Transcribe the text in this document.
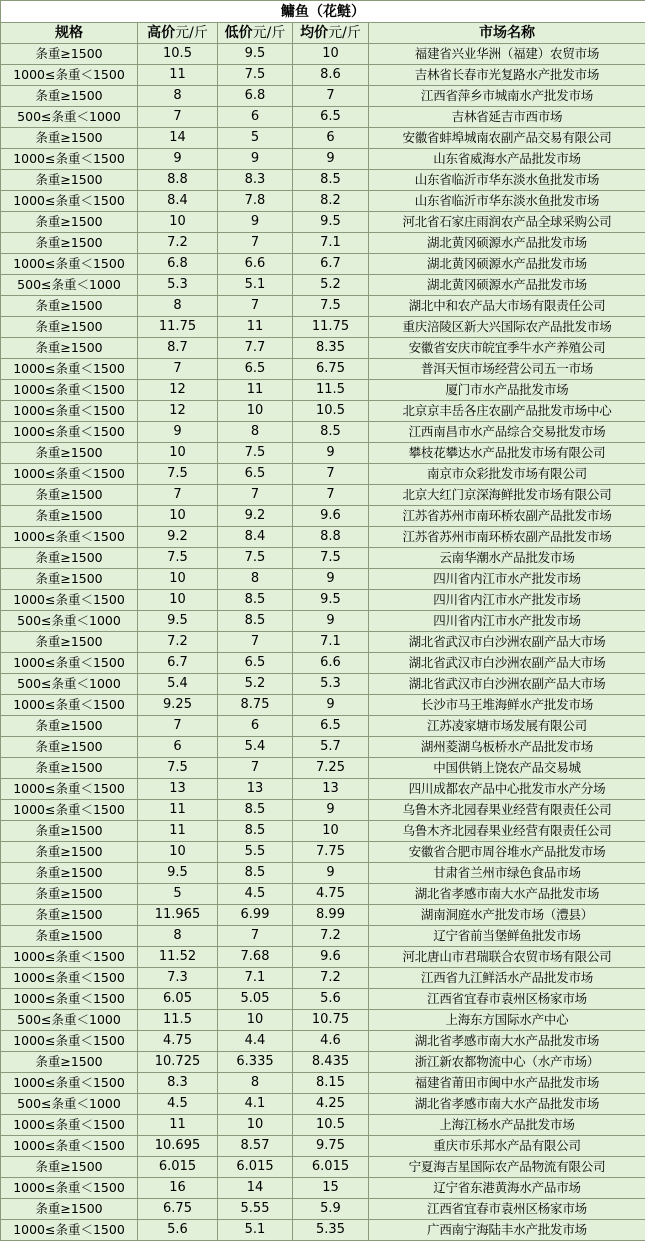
鳙鱼（花鲢）				
规格	高价元/斤	低价元/斤	均价元/斤	市场名称
条重≥1500	10.5	9.5	10	福建省兴业华洲（福建）农贸市场
1000≤条重＜1500	11	7.5	8.6	吉林省长春市光复路水产批发市场
条重≥1500	8	6.8	7	江西省萍乡市城南水产批发市场
500≤条重＜1000	7	6	6.5	吉林省延吉市西市场
条重≥1500	14	5	6	安徽省蚌埠城南农副产品交易有限公司
1000≤条重＜1500	9	9	9	山东省威海水产品批发市场
条重≥1500	8.8	8.3	8.5	山东省临沂市华东淡水鱼批发市场
1000≤条重＜1500	8.4	7.8	8.2	山东省临沂市华东淡水鱼批发市场
条重≥1500	10	9	9.5	河北省石家庄雨润农产品全球采购公司
条重≥1500	7.2	7	7.1	湖北黄冈硕源水产品批发市场
1000≤条重＜1500	6.8	6.6	6.7	湖北黄冈硕源水产品批发市场
500≤条重＜1000	5.3	5.1	5.2	湖北黄冈硕源水产品批发市场
条重≥1500	8	7	7.5	湖北中和农产品大市场有限责任公司
条重≥1500	11.75	11	11.75	重庆涪陵区新大兴国际农产品批发市场
条重≥1500	8.7	7.7	8.35	安徽省安庆市皖宜季牛水产养殖公司
1000≤条重＜1500	7	6.5	6.75	普洱天恒市场经营公司五一市场
1000≤条重＜1500	12	11	11.5	厦门市水产品批发市场
1000≤条重＜1500	12	10	10.5	北京京丰岳各庄农副产品批发市场中心
1000≤条重＜1500	9	8	8.5	江西南昌市水产品综合交易批发市场
条重≥1500	10	7.5	9	攀枝花攀达水产品批发市场有限公司
1000≤条重＜1500	7.5	6.5	7	南京市众彩批发市场有限公司
条重≥1500	7	7	7	北京大红门京深海鲜批发市场有限公司
条重≥1500	10	9.2	9.6	江苏省苏州市南环桥农副产品批发市场
1000≤条重＜1500	9.2	8.4	8.8	江苏省苏州市南环桥农副产品批发市场
条重≥1500	7.5	7.5	7.5	云南华潮水产品批发市场
条重≥1500	10	8	9	四川省内江市水产批发市场
1000≤条重＜1500	10	8.5	9.5	四川省内江市水产批发市场
500≤条重＜1000	9.5	8.5	9	四川省内江市水产批发市场
条重≥1500	7.2	7	7.1	湖北省武汉市白沙洲农副产品大市场
1000≤条重＜1500	6.7	6.5	6.6	湖北省武汉市白沙洲农副产品大市场
500≤条重＜1000	5.4	5.2	5.3	湖北省武汉市白沙洲农副产品大市场
1000≤条重＜1500	9.25	8.75	9	长沙市马王堆海鲜水产批发市场
条重≥1500	7	6	6.5	江苏凌家塘市场发展有限公司
条重≥1500	6	5.4	5.7	湖州菱湖乌板桥水产品批发市场
条重≥1500	7.5	7	7.25	中国供销上饶农产品交易城
1000≤条重＜1500	13	13	13	四川成都农产品中心批发市水产分场
1000≤条重＜1500	11	8.5	9	乌鲁木齐北园春果业经营有限责任公司
条重≥1500	11	8.5	10	乌鲁木齐北园春果业经营有限责任公司
条重≥1500	10	5.5	7.75	安徽省合肥市周谷堆水产品批发市场
条重≥1500	9.5	8.5	9	甘肃省兰州市绿色食品市场
条重≥1500	5	4.5	4.75	湖北省孝感市南大水产品批发市场
条重≥1500	11.965	6.99	8.99	湖南洞庭水产批发市场（澧县）
条重≥1500	8	7	7.2	辽宁省前当堡鲜鱼批发市场
1000≤条重＜1500	11.52	7.68	9.6	河北唐山市君瑞联合农贸市场有限公司
1000≤条重＜1500	7.3	7.1	7.2	江西省九江鲜活水产品批发市场
1000≤条重＜1500	6.05	5.05	5.6	江西省宜春市袁州区杨家市场
500≤条重＜1000	11.5	10	10.75	上海东方国际水产中心
1000≤条重＜1500	4.75	4.4	4.6	湖北省孝感市南大水产品批发市场
条重≥1500	10.725	6.335	8.435	浙江新农都物流中心（水产市场）
1000≤条重＜1500	8.3	8	8.15	福建省莆田市闽中水产品批发市场
500≤条重＜1000	4.5	4.1	4.25	湖北省孝感市南大水产品批发市场
1000≤条重＜1500	11	10	10.5	上海江杨水产品批发市场
1000≤条重＜1500	10.695	8.57	9.75	重庆市乐邦水产品有限公司
条重≥1500	6.015	6.015	6.015	宁夏海吉星国际农产品物流有限公司
1000≤条重＜1500	16	14	15	辽宁省东港黄海水产品市场
条重≥1500	6.75	5.55	5.9	江西省宜春市袁州区杨家市场
1000≤条重＜1500	5.6	5.1	5.35	广西南宁海陆丰水产批发市场
